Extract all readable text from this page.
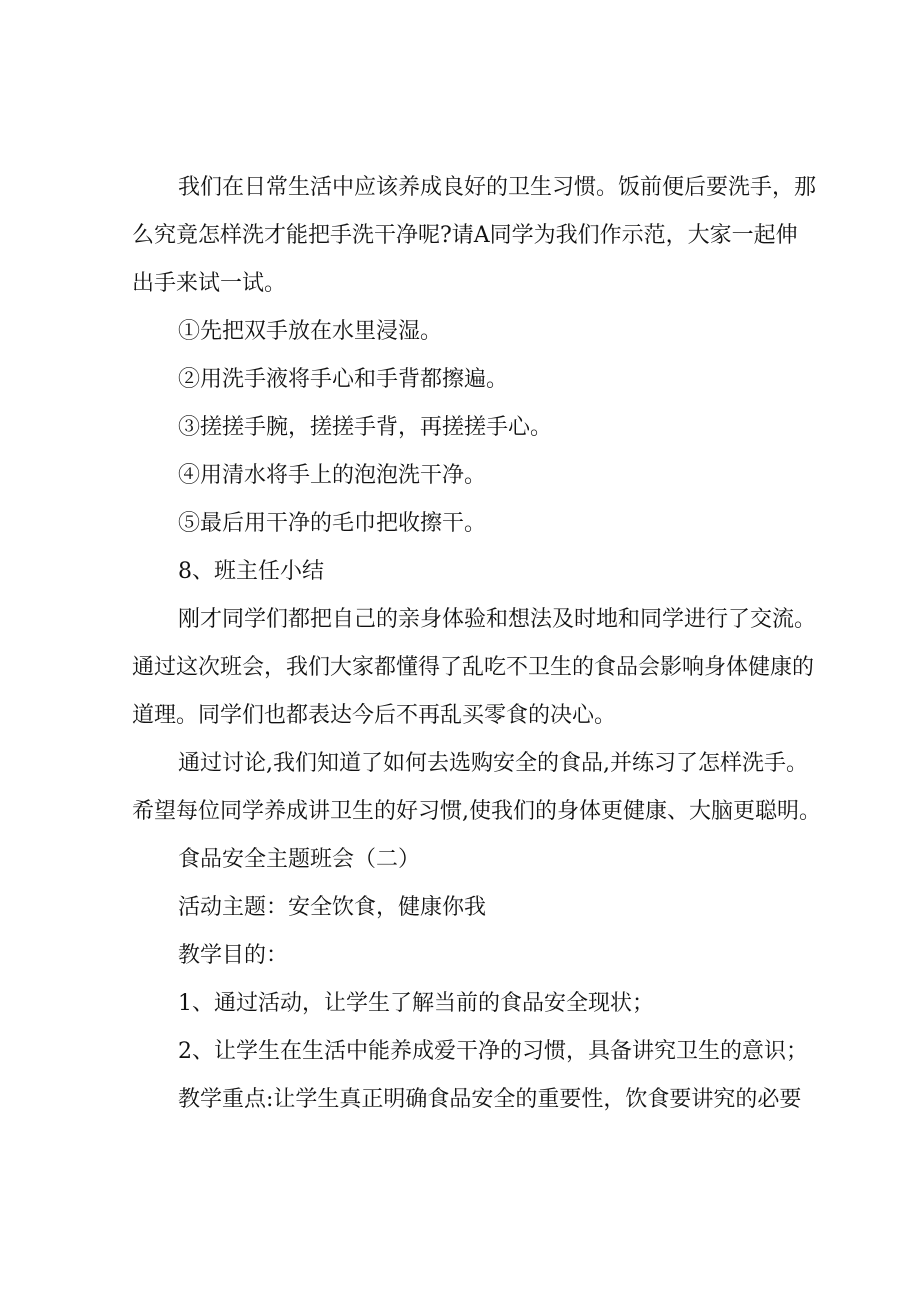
我们在日常生活中应该养成良好的卫生习惯。饭前便后要洗手，那
么究竟怎样洗才能把手洗干净呢?请A同学为我们作示范，大家一起伸
出手来试一试。
①先把双手放在水里浸湿。
②用洗手液将手心和手背都擦遍。
③搓搓手腕，搓搓手背，再搓搓手心。
④用清水将手上的泡泡洗干净。
⑤最后用干净的毛巾把收擦干。
8、班主任小结
刚才同学们都把自己的亲身体验和想法及时地和同学进行了交流。
通过这次班会，我们大家都懂得了乱吃不卫生的食品会影响身体健康的
道理。同学们也都表达今后不再乱买零食的决心。
通过讨论,我们知道了如何去选购安全的食品,并练习了怎样洗手。
希望每位同学养成讲卫生的好习惯,使我们的身体更健康、大脑更聪明。
食品安全主题班会（二）
活动主题：安全饮食，健康你我
教学目的：
1、通过活动，让学生了解当前的食品安全现状；
2、让学生在生活中能养成爱干净的习惯，具备讲究卫生的意识；
教学重点:让学生真正明确食品安全的重要性，饮食要讲究的必要
